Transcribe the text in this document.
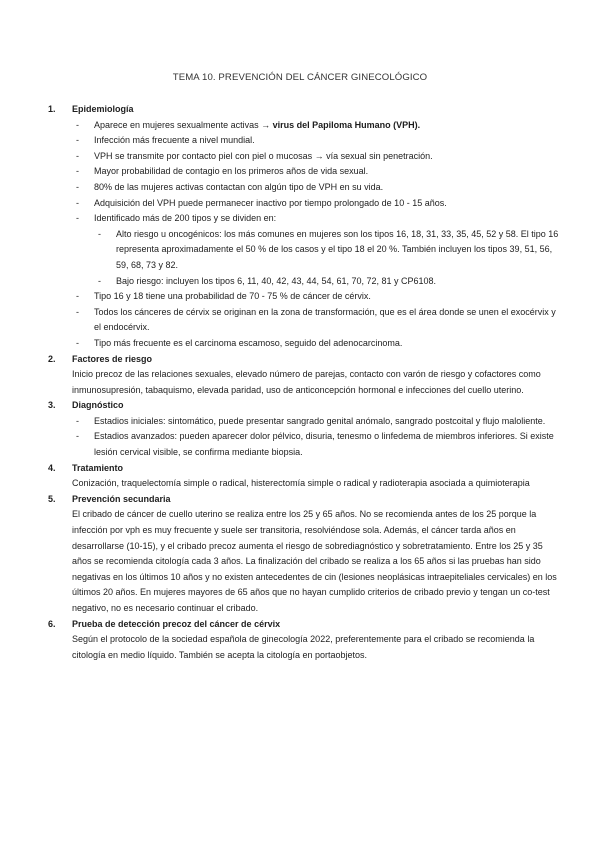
TEMA 10. PREVENCIÓN DEL CÁNCER GINECOLÓGICO
1. Epidemiología
- Aparece en mujeres sexualmente activas → virus del Papiloma Humano (VPH).
- Infección más frecuente a nivel mundial.
- VPH se transmite por contacto piel con piel o mucosas → vía sexual sin penetración.
- Mayor probabilidad de contagio en los primeros años de vida sexual.
- 80% de las mujeres activas contactan con algún tipo de VPH en su vida.
- Adquisición del VPH puede permanecer inactivo por tiempo prolongado de 10 - 15 años.
- Identificado más de 200 tipos y se dividen en:
- Alto riesgo u oncogénicos: los más comunes en mujeres son los tipos 16, 18, 31, 33, 35, 45, 52 y 58. El tipo 16 representa aproximadamente el 50 % de los casos y el tipo 18 el 20 %. También incluyen los tipos 39, 51, 56, 59, 68, 73 y 82.
- Bajo riesgo: incluyen los tipos 6, 11, 40, 42, 43, 44, 54, 61, 70, 72, 81 y CP6108.
- Tipo 16 y 18 tiene una probabilidad de 70 - 75 % de cáncer de cérvix.
- Todos los cánceres de cérvix se originan en la zona de transformación, que es el área donde se unen el exocérvix y el endocérvix.
- Tipo más frecuente es el carcinoma escamoso, seguido del adenocarcinoma.
2. Factores de riesgo

Inicio precoz de las relaciones sexuales, elevado número de parejas, contacto con varón de riesgo y cofactores como inmunosupresión, tabaquismo, elevada paridad, uso de anticoncepción hormonal e infecciones del cuello uterino.

3. Diagnóstico
- Estadios iniciales: sintomático, puede presentar sangrado genital anómalo, sangrado postcoital y flujo maloliente.
- Estadios avanzados: pueden aparecer dolor pélvico, disuria, tenesmo o linfedema de miembros inferiores. Si existe lesión cervical visible, se confirma mediante biopsia.
4. Tratamiento

Conización, traquelectomía simple o radical, histerectomía simple o radical y radioterapia asociada a quimioterapia

5. Prevención secundaria

El cribado de cáncer de cuello uterino se realiza entre los 25 y 65 años. No se recomienda antes de los 25 porque la infección por vph es muy frecuente y suele ser transitoria, resolviéndose sola. Además, el cáncer tarda años en desarrollarse (10-15), y el cribado precoz aumenta el riesgo de sobrediagnóstico y sobretratamiento. Entre los 25 y 35 años se recomienda citología cada 3 años. La finalización del cribado se realiza a los 65 años si las pruebas han sido negativas en los últimos 10 años y no existen antecedentes de cin (lesiones neoplásicas intraepiteliales cervicales) en los últimos 20 años. En mujeres mayores de 65 años que no hayan cumplido criterios de cribado previo y tengan un co-test negativo, no es necesario continuar el cribado.

6. Prueba de detección precoz del cáncer de cérvix

Según el protocolo de la sociedad española de ginecología 2022, preferentemente para el cribado se recomienda la citología en medio líquido. También se acepta la citología en portaobjetos.
